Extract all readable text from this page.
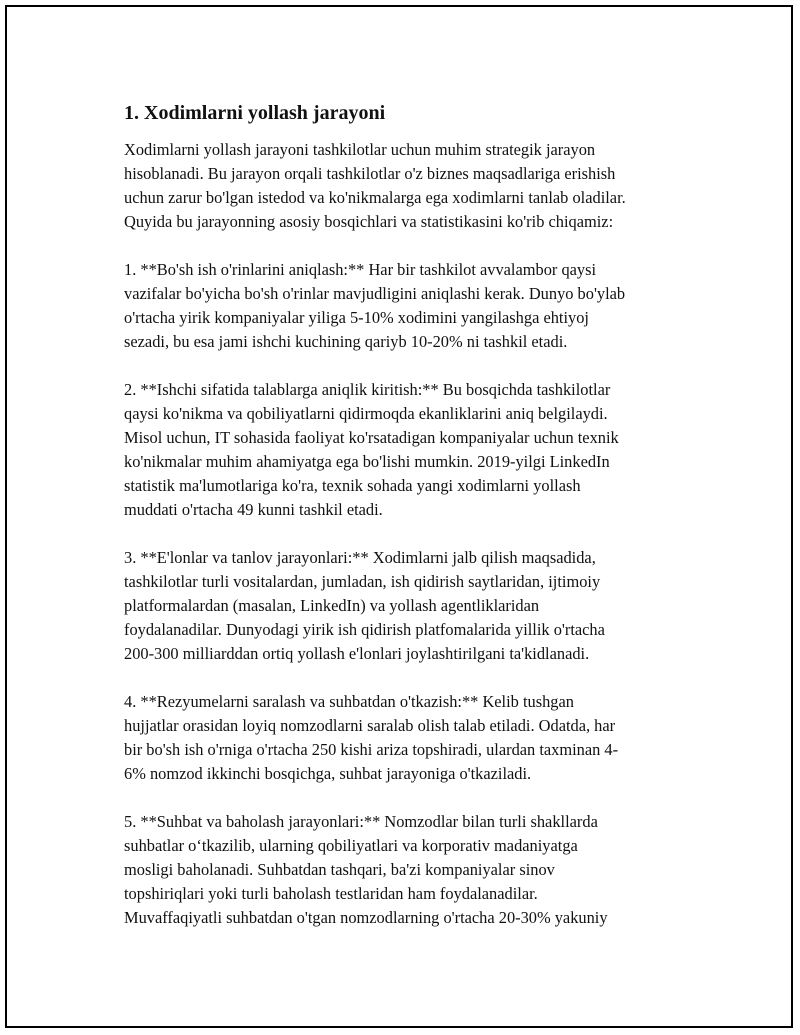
1. Xodimlarni yollash jarayoni

Xodimlarni yollash jarayoni tashkilotlar uchun muhim strategik jarayon
hisoblanadi. Bu jarayon orqali tashkilotlar o'z biznes maqsadlariga erishish
uchun zarur bo'lgan istedod va ko'nikmalarga ega xodimlarni tanlab oladilar.
Quyida bu jarayonning asosiy bosqichlari va statistikasini ko'rib chiqamiz:

1. **Bo'sh ish o'rinlarini aniqlash:** Har bir tashkilot avvalambor qaysi
vazifalar bo'yicha bo'sh o'rinlar mavjudligini aniqlashi kerak. Dunyo bo'ylab
o'rtacha yirik kompaniyalar yiliga 5-10% xodimini yangilashga ehtiyoj
sezadi, bu esa jami ishchi kuchining qariyb 10-20% ni tashkil etadi.

2. **Ishchi sifatida talablarga aniqlik kiritish:** Bu bosqichda tashkilotlar
qaysi ko'nikma va qobiliyatlarni qidirmoqda ekanliklarini aniq belgilaydi.
Misol uchun, IT sohasida faoliyat ko'rsatadigan kompaniyalar uchun texnik
ko'nikmalar muhim ahamiyatga ega bo'lishi mumkin. 2019-yilgi LinkedIn
statistik ma'lumotlariga ko'ra, texnik sohada yangi xodimlarni yollash
muddati o'rtacha 49 kunni tashkil etadi.

3. **E'lonlar va tanlov jarayonlari:** Xodimlarni jalb qilish maqsadida,
tashkilotlar turli vositalardan, jumladan, ish qidirish saytlaridan, ijtimoiy
platformalardan (masalan, LinkedIn) va yollash agentliklaridan
foydalanadilar. Dunyodagi yirik ish qidirish platfomalarida yillik o'rtacha
200-300 milliarddan ortiq yollash e'lonlari joylashtirilgani ta'kidlanadi.

4. **Rezyumelarni saralash va suhbatdan o'tkazish:** Kelib tushgan
hujjatlar orasidan loyiq nomzodlarni saralab olish talab etiladi. Odatda, har
bir bo'sh ish o'rniga o'rtacha 250 kishi ariza topshiradi, ulardan taxminan 4-
6% nomzod ikkinchi bosqichga, suhbat jarayoniga o'tkaziladi.

5. **Suhbat va baholash jarayonlari:** Nomzodlar bilan turli shakllarda
suhbatlar o‘tkazilib, ularning qobiliyatlari va korporativ madaniyatga
mosligi baholanadi. Suhbatdan tashqari, ba'zi kompaniyalar sinov
topshiriqlari yoki turli baholash testlaridan ham foydalanadilar.
Muvaffaqiyatli suhbatdan o'tgan nomzodlarning o'rtacha 20-30% yakuniy
